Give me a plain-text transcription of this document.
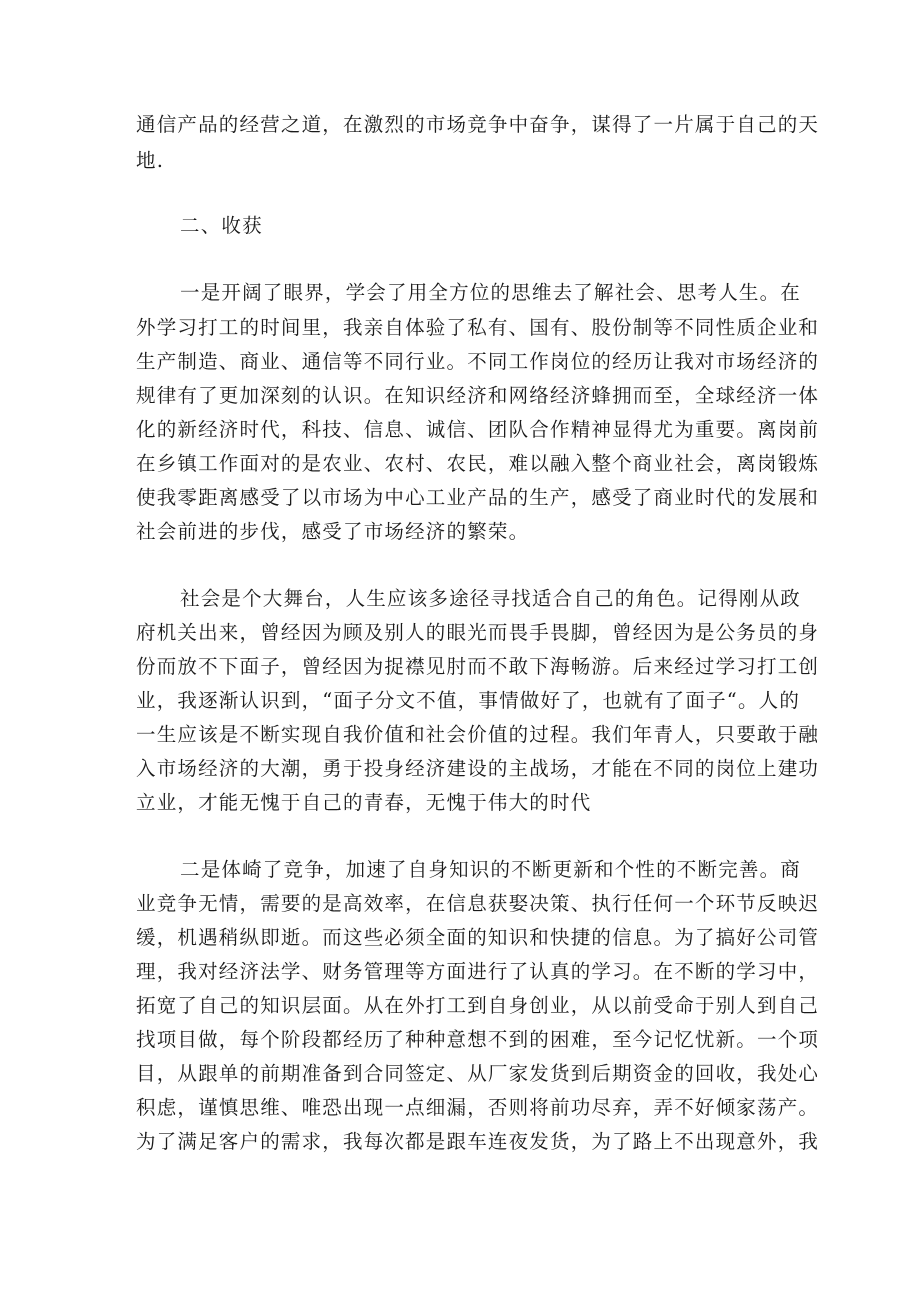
通信产品的经营之道，在激烈的市场竞争中奋争，谋得了一片属于自己的天
地.
二、收获
一是开阔了眼界，学会了用全方位的思维去了解社会、思考人生。在
外学习打工的时间里，我亲自体验了私有、国有、股份制等不同性质企业和
生产制造、商业、通信等不同行业。不同工作岗位的经历让我对市场经济的
规律有了更加深刻的认识。在知识经济和网络经济蜂拥而至，全球经济一体
化的新经济时代，科技、信息、诚信、团队合作精神显得尤为重要。离岗前
在乡镇工作面对的是农业、农村、农民，难以融入整个商业社会，离岗锻炼
使我零距离感受了以市场为中心工业产品的生产，感受了商业时代的发展和
社会前进的步伐，感受了市场经济的繁荣。
社会是个大舞台，人生应该多途径寻找适合自己的角色。记得刚从政
府机关出来，曾经因为顾及别人的眼光而畏手畏脚，曾经因为是公务员的身
份而放不下面子，曾经因为捉襟见肘而不敢下海畅游。后来经过学习打工创
业，我逐渐认识到，“面子分文不值，事情做好了，也就有了面子“。人的
一生应该是不断实现自我价值和社会价值的过程。我们年青人，只要敢于融
入市场经济的大潮，勇于投身经济建设的主战场，才能在不同的岗位上建功
立业，才能无愧于自己的青春，无愧于伟大的时代
二是体崎了竞争，加速了自身知识的不断更新和个性的不断完善。商
业竞争无情，需要的是高效率，在信息获娶决策、执行任何一个环节反映迟
缓，机遇稍纵即逝。而这些必须全面的知识和快捷的信息。为了搞好公司管
理，我对经济法学、财务管理等方面进行了认真的学习。在不断的学习中，
拓宽了自己的知识层面。从在外打工到自身创业，从以前受命于别人到自己
找项目做，每个阶段都经历了种种意想不到的困难，至今记忆忧新。一个项
目，从跟单的前期准备到合同签定、从厂家发货到后期资金的回收，我处心
积虑，谨慎思维、唯恐出现一点细漏，否则将前功尽弃，弄不好倾家荡产。
为了满足客户的需求，我每次都是跟车连夜发货，为了路上不出现意外，我
